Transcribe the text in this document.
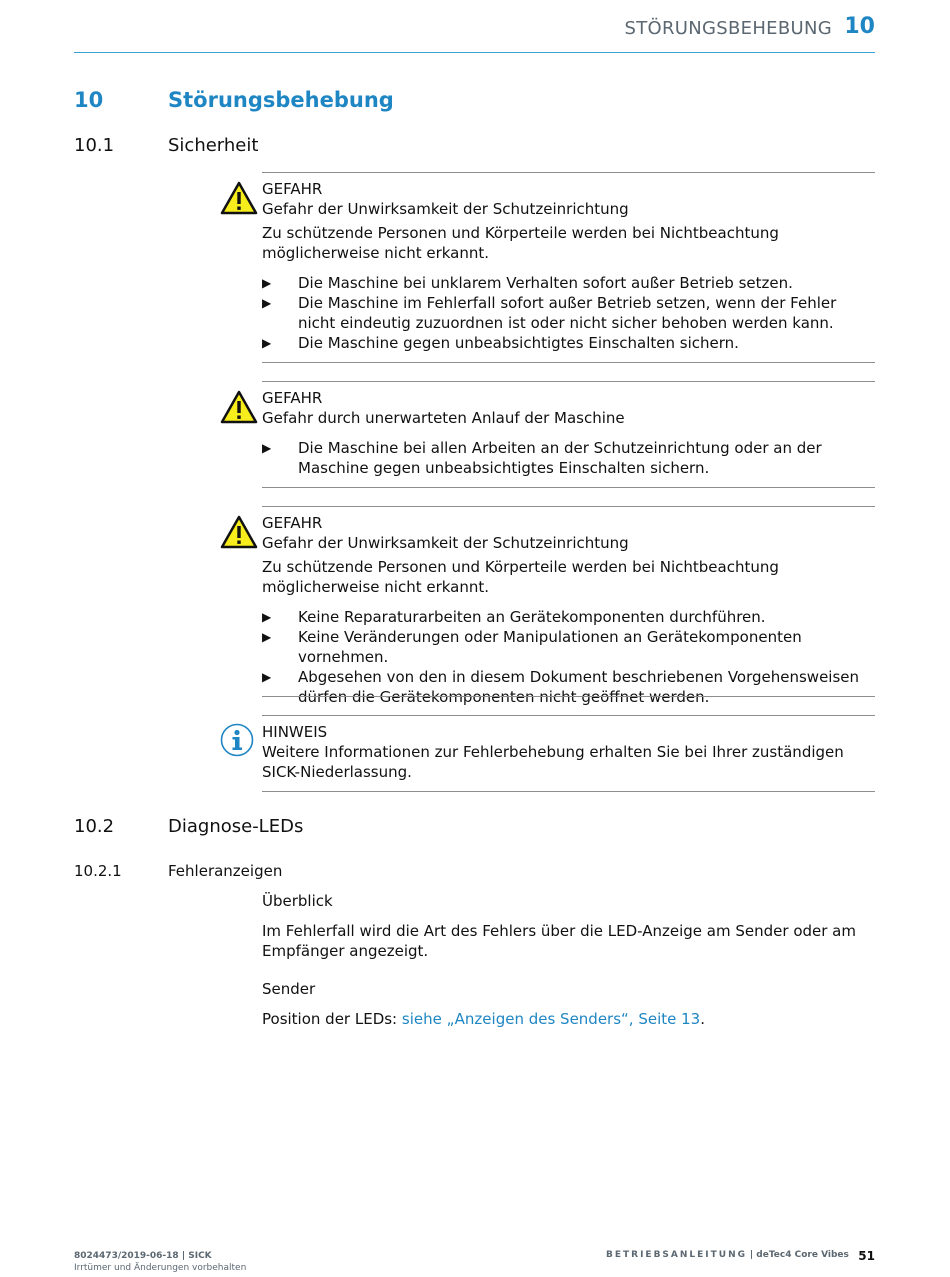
STÖRUNGSBEHEBUNG 10
10	Störungsbehebung
10.1	Sicherheit

GEFAHR

Gefahr der Unwirksamkeit der Schutzeinrichtung

Zu schützende Personen und Körperteile werden bei Nichtbeachtung möglicherweise nicht erkannt.

▶ Die Maschine bei unklarem Verhalten sofort außer Betrieb setzen.
▶ Die Maschine im Fehlerfall sofort außer Betrieb setzen, wenn der Fehler nicht eindeutig zuzuordnen ist oder nicht sicher behoben werden kann.
▶ Die Maschine gegen unbeabsichtigtes Einschalten sichern.

GEFAHR

Gefahr durch unerwarteten Anlauf der Maschine

▶ Die Maschine bei allen Arbeiten an der Schutzeinrichtung oder an der Maschine gegen unbeabsichtigtes Einschalten sichern.

GEFAHR

Gefahr der Unwirksamkeit der Schutzeinrichtung

Zu schützende Personen und Körperteile werden bei Nichtbeachtung möglicherweise nicht erkannt.

▶ Keine Reparaturarbeiten an Gerätekomponenten durchführen.
▶ Keine Veränderungen oder Manipulationen an Gerätekomponenten vornehmen.
▶ Abgesehen von den in diesem Dokument beschriebenen Vorgehensweisen dürfen die Gerätekomponenten nicht geöffnet werden.

HINWEIS

Weitere Informationen zur Fehlerbehebung erhalten Sie bei Ihrer zuständigen SICK-Niederlassung.

10.2	Diagnose-LEDs
10.2.1	Fehleranzeigen
Überblick
Im Fehlerfall wird die Art des Fehlers über die LED-Anzeige am Sender oder am Empfänger angezeigt.
Sender
Position der LEDs: siehe „Anzeigen des Senders“, Seite 13.
8024473/2019-06-18 | SICK
Irrtümer und Änderungen vorbehalten
BETRIEBSANLEITUNG | deTec4 Core Vibes 51
